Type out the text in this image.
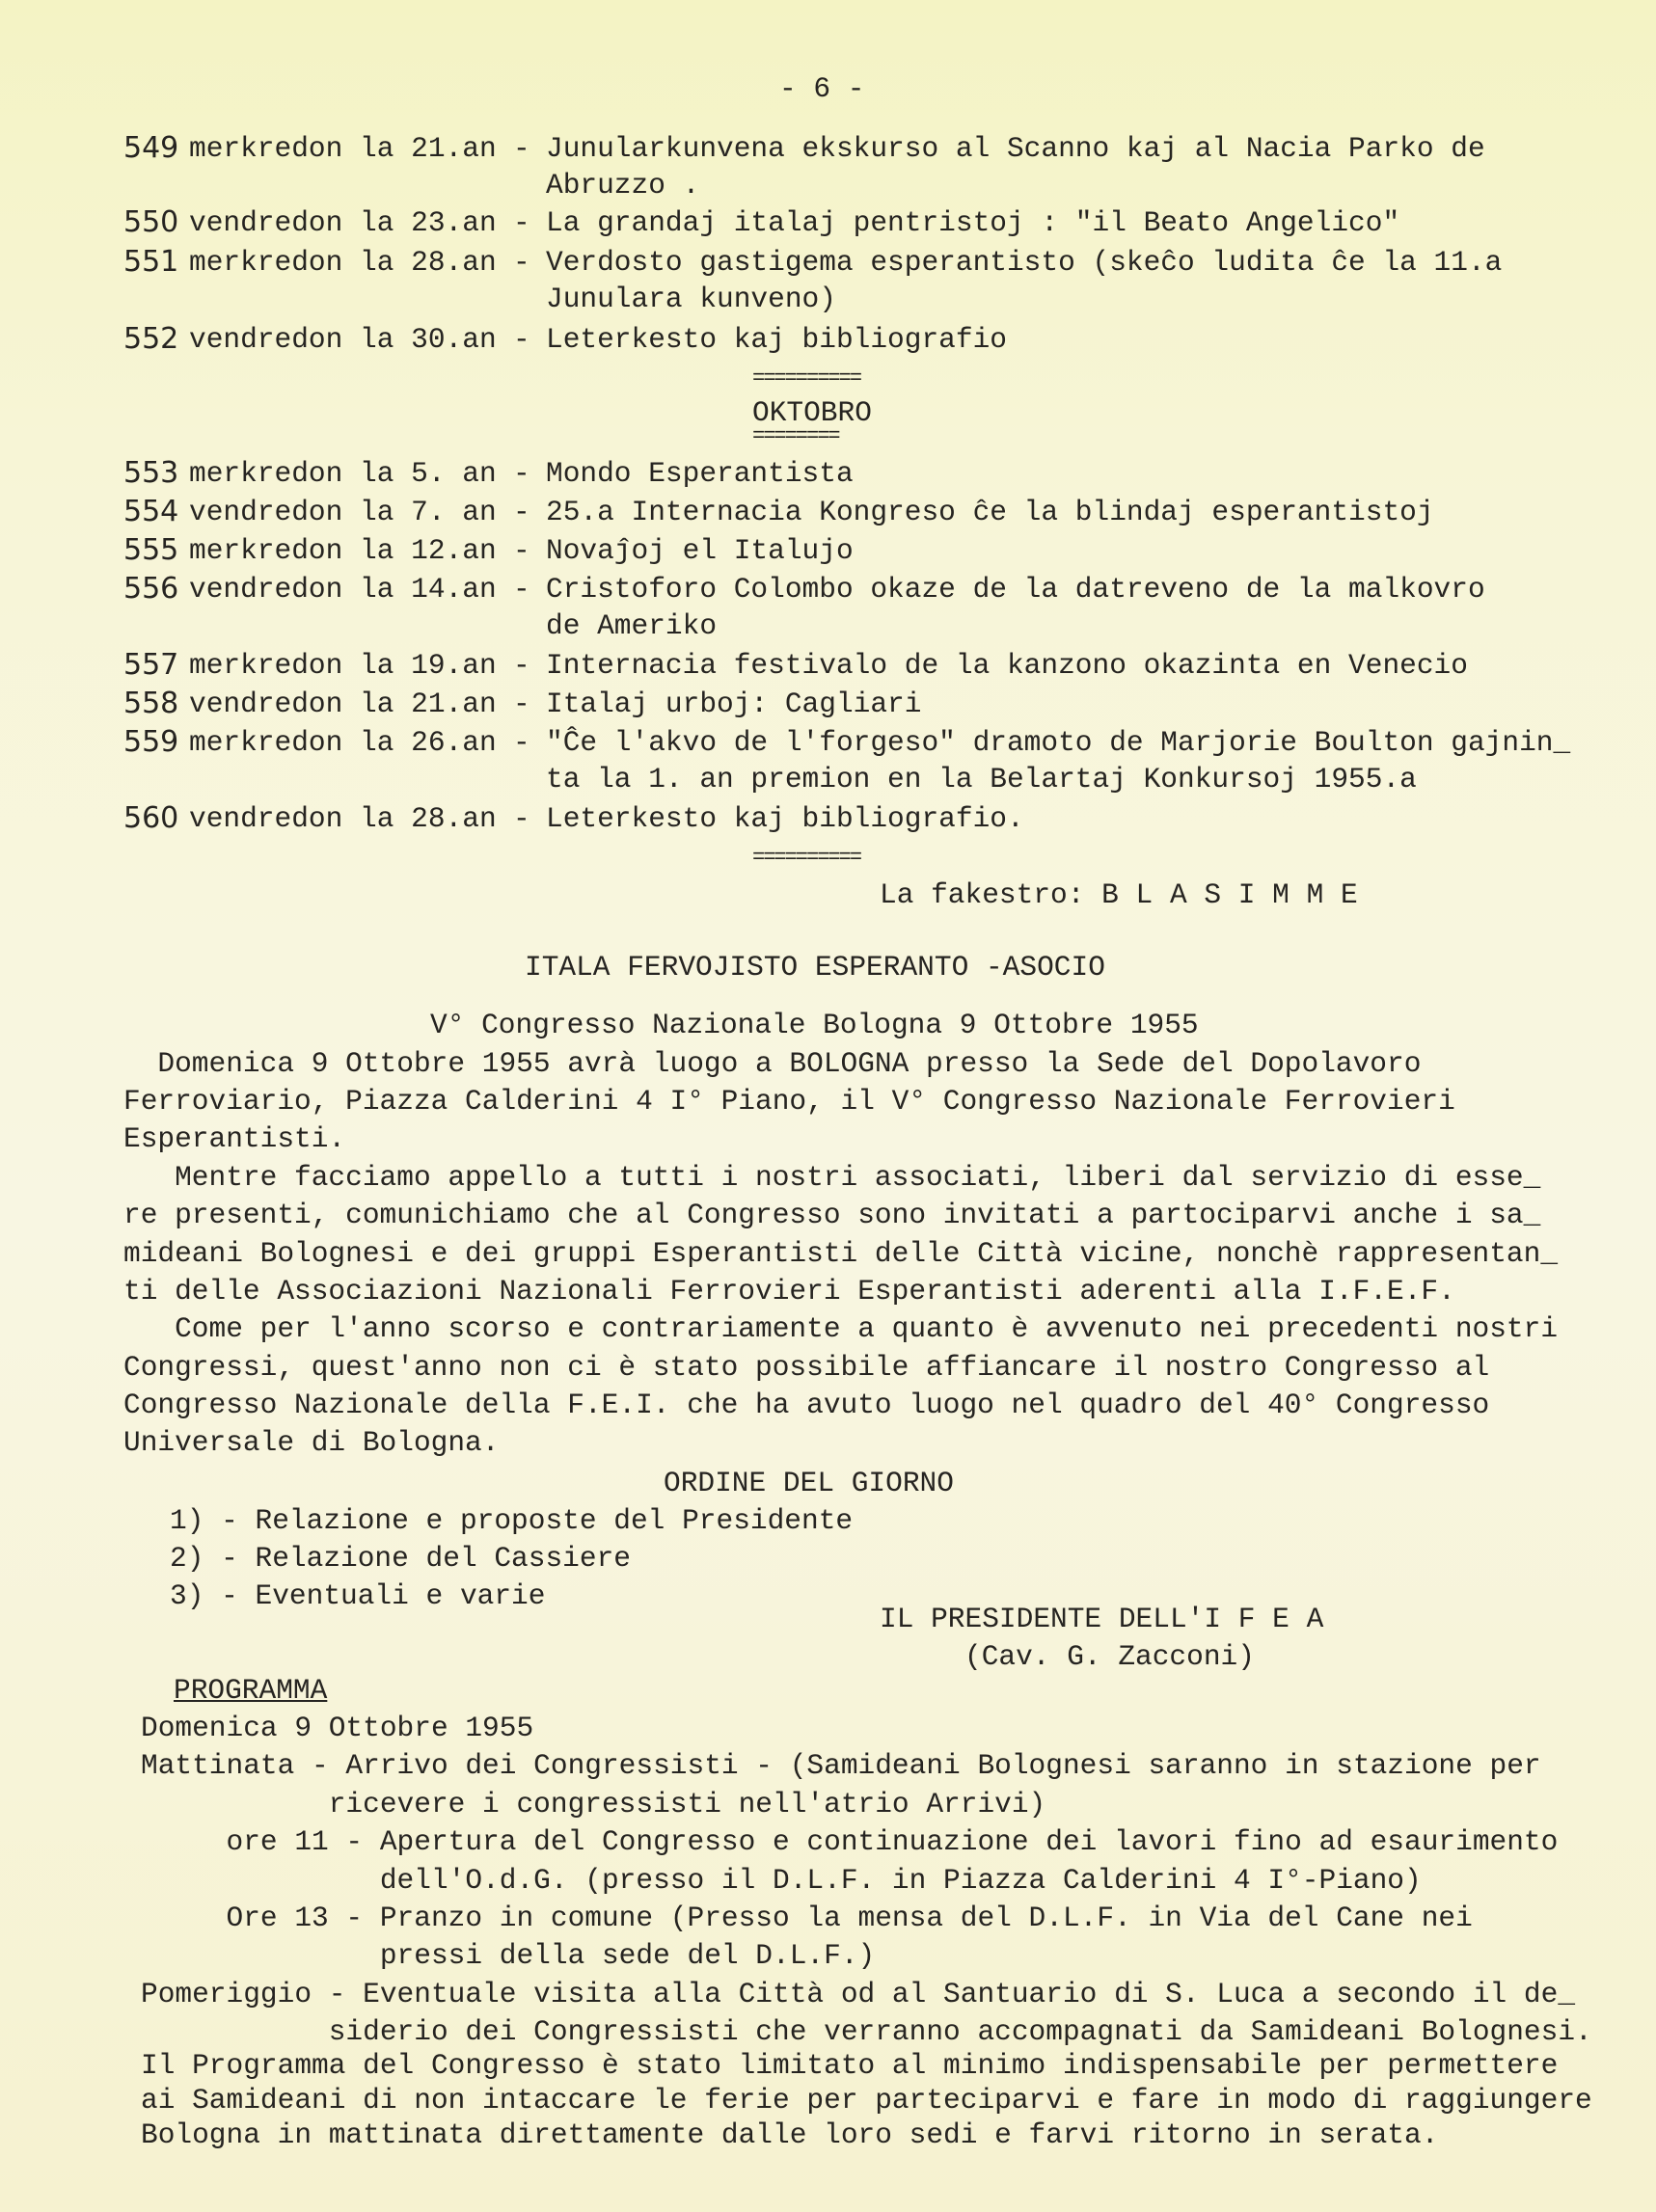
- 6 -
549 merkredon la 21.an - Junularkunvena ekskurso al Scanno kaj al Nacia Parko de
Abruzzo .
550 vendredon la 23.an - La grandaj italaj pentristoj : "il Beato Angelico"
551 merkredon la 28.an - Verdosto gastigema esperantisto (skeĉo ludita ĉe la 11.a
Junulara kunveno)
552 vendredon la 30.an - Leterkesto kaj bibliografio
==========
OKTOBRO
========
553 merkredon la 5. an - Mondo Esperantista
554 vendredon la 7. an - 25.a Internacia Kongreso ĉe la blindaj esperantistoj
555 merkredon la 12.an - Novaĵoj el Italujo
556 vendredon la 14.an - Cristoforo Colombo okaze de la datreveno de la malkovro
de Ameriko
557 merkredon la 19.an - Internacia festivalo de la kanzono okazinta en Venecio
558 vendredon la 21.an - Italaj urboj: Cagliari
559 merkredon la 26.an - "Ĉe l'akvo de l'forgeso" dramoto de Marjorie Boulton gajnin_
ta la 1. an premion en la Belartaj Konkursoj 1955.a
560 vendredon la 28.an - Leterkesto kaj bibliografio.
==========
La fakestro: B L A S I M M E
ITALA FERVOJISTO ESPERANTO -ASOCIO
V° Congresso Nazionale Bologna 9 Ottobre 1955
Domenica 9 Ottobre 1955 avrà luogo a BOLOGNA presso la Sede del Dopolavoro
Ferroviario, Piazza Calderini 4 I° Piano, il V° Congresso Nazionale Ferrovieri
Esperantisti.
Mentre facciamo appello a tutti i nostri associati, liberi dal servizio di esse_
re presenti, comunichiamo che al Congresso sono invitati a partociparvi anche i sa_
mideani Bolognesi e dei gruppi Esperantisti delle Città vicine, nonchè rappresentan_
ti delle Associazioni Nazionali Ferrovieri Esperantisti aderenti alla I.F.E.F.
Come per l'anno scorso e contrariamente a quanto è avvenuto nei precedenti nostri
Congressi, quest'anno non ci è stato possibile affiancare il nostro Congresso al
Congresso Nazionale della F.E.I. che ha avuto luogo nel quadro del 40° Congresso
Universale di Bologna.
ORDINE DEL GIORNO
1) - Relazione e proposte del Presidente
2) - Relazione del Cassiere
3) - Eventuali e varie
IL PRESIDENTE DELL'I F E A
(Cav. G. Zacconi)
PROGRAMMA
Domenica 9 Ottobre 1955
Mattinata - Arrivo dei Congressisti - (Samideani Bolognesi saranno in stazione per
ricevere i congressisti nell'atrio Arrivi)
ore 11 - Apertura del Congresso e continuazione dei lavori fino ad esaurimento
dell'O.d.G. (presso il D.L.F. in Piazza Calderini 4 I°-Piano)
Ore 13 - Pranzo in comune (Presso la mensa del D.L.F. in Via del Cane nei
pressi della sede del D.L.F.)
Pomeriggio - Eventuale visita alla Città od al Santuario di S. Luca a secondo il de_
siderio dei Congressisti che verranno accompagnati da Samideani Bolognesi.
Il Programma del Congresso è stato limitato al minimo indispensabile per permettere
ai Samideani di non intaccare le ferie per parteciparvi e fare in modo di raggiungere
Bologna in mattinata direttamente dalle loro sedi e farvi ritorno in serata.
